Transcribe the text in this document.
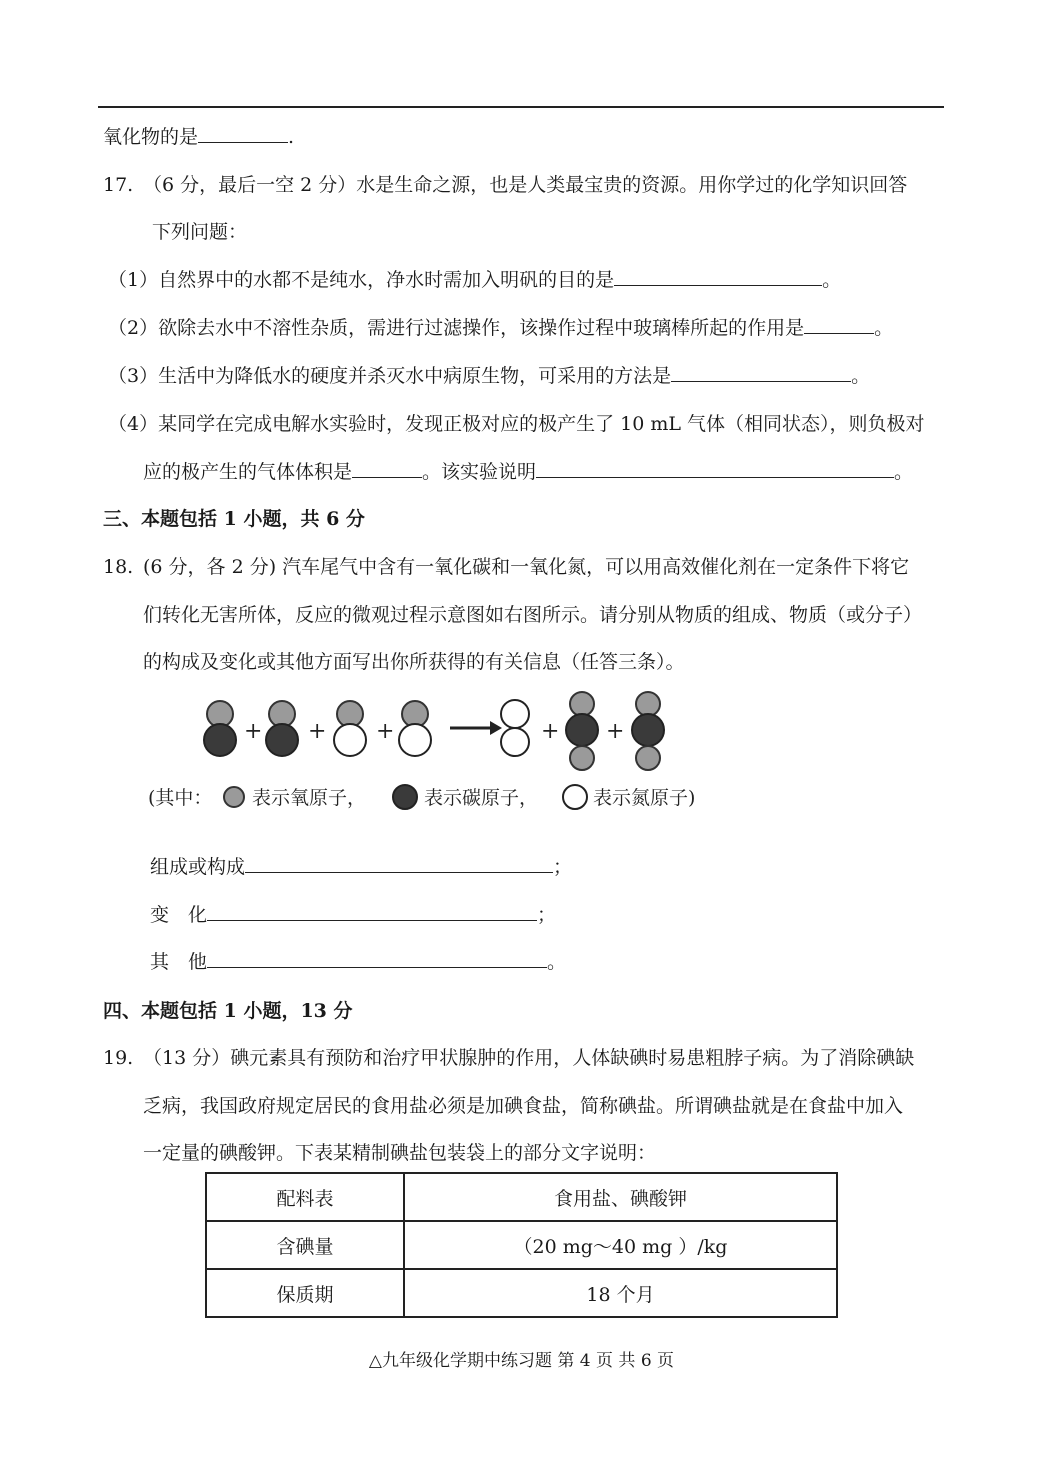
氧化物的是	.
17. （6 分，最后一空 2 分）水是生命之源，也是人类最宝贵的资源。用你学过的化学知识回答
下列问题：
（1）自然界中的水都不是纯水，净水时需加入明矾的目的是	。
（2）欲除去水中不溶性杂质，需进行过滤操作，该操作过程中玻璃棒所起的作用是	。
（3）生活中为降低水的硬度并杀灭水中病原生物，可采用的方法是	。
（4）某同学在完成电解水实验时，发现正极对应的极产生了 10 mL 气体（相同状态），则负极对
应的极产生的气体体积是	。该实验说明	。
三、本题包括 1 小题，共 6 分
18. (6 分，各 2 分) 汽车尾气中含有一氧化碳和一氧化氮，可以用高效催化剂在一定条件下将它
们转化无害所体，反应的微观过程示意图如右图所示。请分别从物质的组成、物质（或分子）
的构成及变化或其他方面写出你所获得的有关信息（任答三条）。
+ + +	+ +
(其中： 表示氧原子，	表示碳原子，	表示氮原子)
组成或构成	；
变　化	；
其　他	。
四、本题包括 1 小题，13 分
19. （13 分）碘元素具有预防和治疗甲状腺肿的作用，人体缺碘时易患粗脖子病。为了消除碘缺
乏病，我国政府规定居民的食用盐必须是加碘食盐，简称碘盐。所谓碘盐就是在食盐中加入
一定量的碘酸钾。下表某精制碘盐包装袋上的部分文字说明：
配料表	食用盐、碘酸钾
含碘量	（20 mg～40 mg ）/kg
保质期	18 个月
△九年级化学期中练习题 第 4 页 共 6 页
